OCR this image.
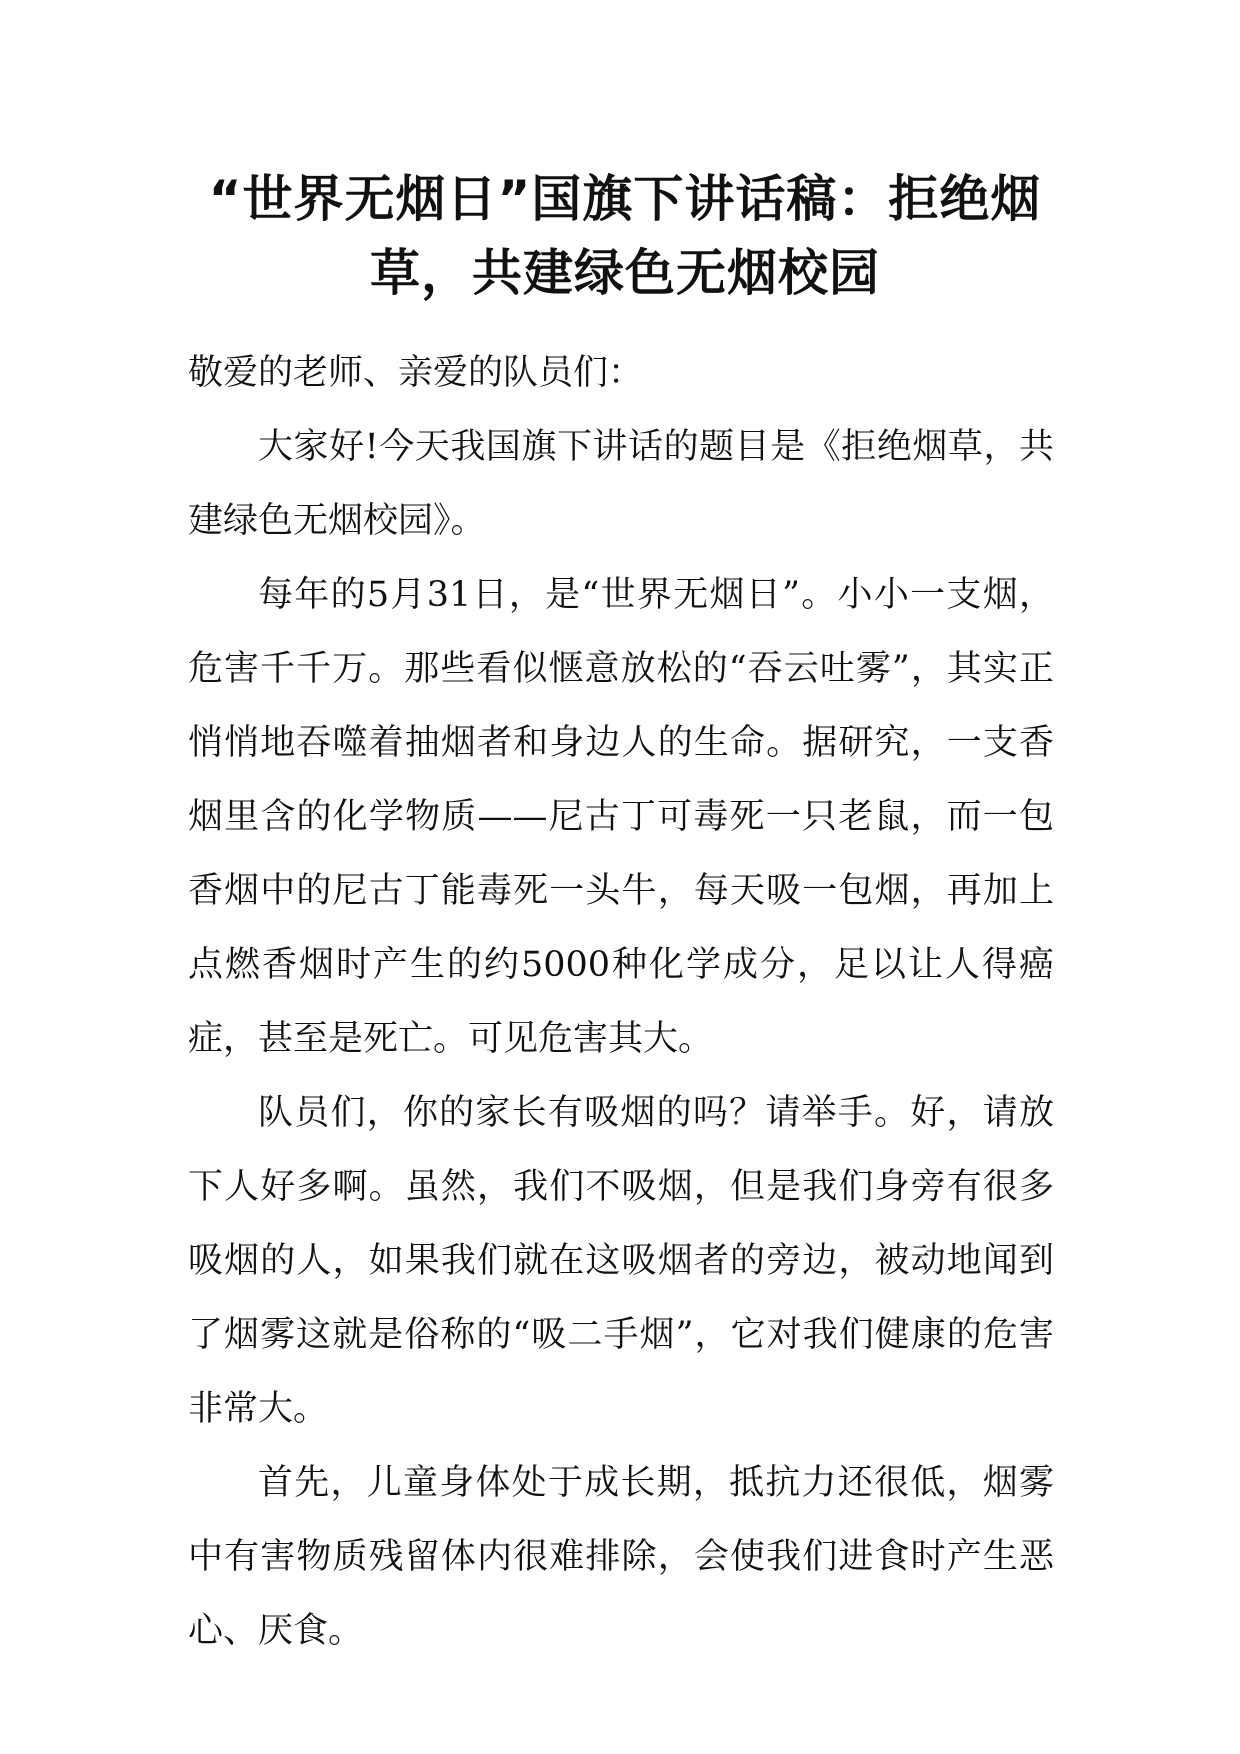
“世界无烟日”国旗下讲话稿：拒绝烟
草，共建绿色无烟校园

敬爱的老师、亲爱的队员们：

大家好!今天我国旗下讲话的题目是《拒绝烟草，共建绿色无烟校园》。

每年的5月31日，是“世界无烟日”。小小一支烟，危害千千万。那些看似惬意放松的“吞云吐雾”，其实正悄悄地吞噬着抽烟者和身边人的生命。据研究，一支香烟里含的化学物质——尼古丁可毒死一只老鼠，而一包香烟中的尼古丁能毒死一头牛，每天吸一包烟，再加上点燃香烟时产生的约5000种化学成分，足以让人得癌症，甚至是死亡。可见危害其大。

队员们，你的家长有吸烟的吗？请举手。好，请放下人好多啊。虽然，我们不吸烟，但是我们身旁有很多吸烟的人，如果我们就在这吸烟者的旁边，被动地闻到了烟雾这就是俗称的“吸二手烟”，它对我们健康的危害非常大。

首先，儿童身体处于成长期，抵抗力还很低，烟雾中有害物质残留体内很难排除，会使我们进食时产生恶心、厌食。
